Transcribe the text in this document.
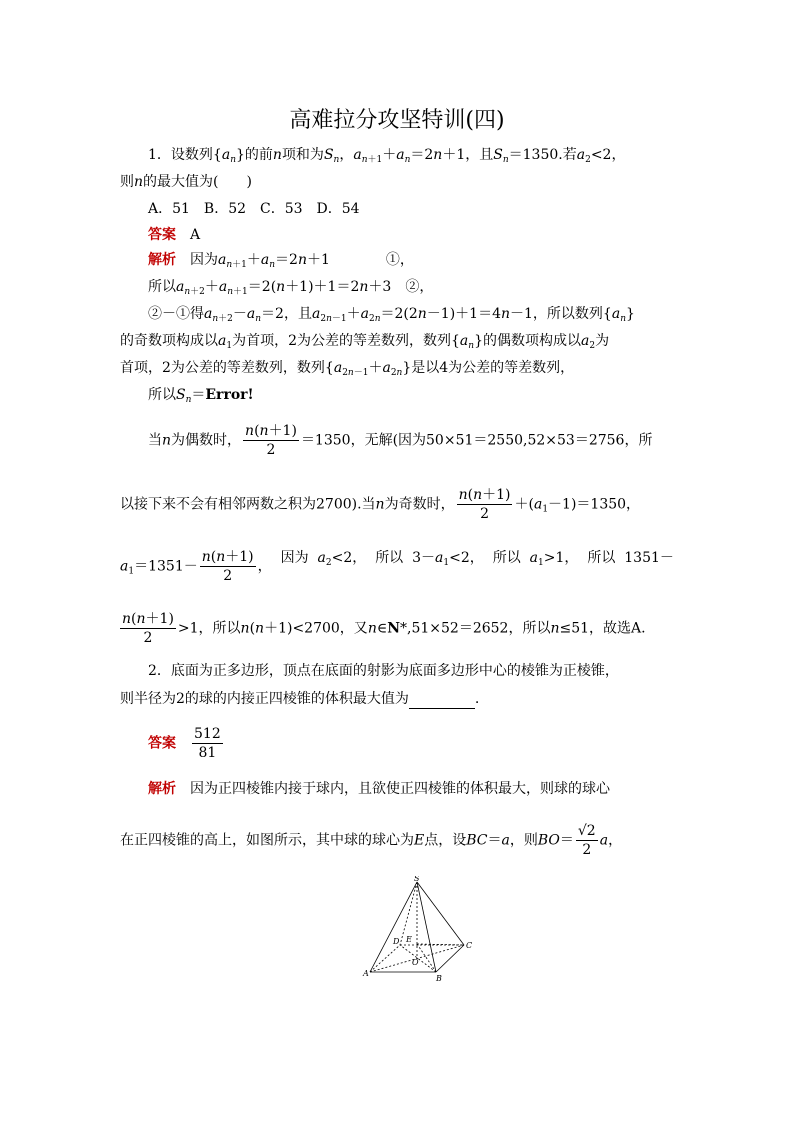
高难拉分攻坚特训(四)
1．设数列$\{a_n\}$的前n项和为$S_n$，$a_{n+1}+a_n=2n+1$，且$S_n=1350$.若$a_2<2$，
则n的最大值为(　　)
A．51　B．52　C．53　D．54
答案　 A
解析　因为$a_{n+1}+a_n=2n+1$　　　　①，
所以$a_{n+2}+a_{n+1}=2(n+1)+1=2n+3$　②，
②－①得$a_{n+2}-a_n=2$，且$a_{2n-1}+a_{2n}=2(2n-1)+1=4n-1$，所以数列$\{a_n\}$
的奇数项构成以$a_1$为首项，2为公差的等差数列，数列$\{a_n\}$的偶数项构成以$a_2$为
首项，2为公差的等差数列，数列$\{a_{2n-1}+a_{2n}\}$是以4为公差的等差数列，
所以$S_n=Error$!
当n为偶数时， $\frac{n(n+1)}{2} =1350$，无解(因为50×51＝2550,52×53＝2756，所
以接下来不会有相邻两数之积为2700).当n为奇数时， $\frac{n(n+1)}{2} +(a_1-1)=1350$，
$a_1=1351- \frac{n(n+1)}{2}$ ，
因为 $a_2<2$， 所以 $3-a_1<2$， 所以 $a_1>1$， 所以 1351－
$\frac{n(n+1)}{2} >1$，所以n(n＋1)<2700，又n∈N*,51×52＝2652，所以n≤51，故选A.
2．底面为正多边形，顶点在底面的射影为底面多边形中心的棱锥为正棱锥，
则半径为2的球的内接正四棱锥的体积最大值为	.
答案　 $\frac{512}{81}$
解析　 因为正四棱锥内接于球内，且欲使正四棱锥的体积最大，则球的球心
在正四棱锥的高上，如图所示，其中球的球心为E点，设BC＝a，则$BO= \frac{√2}{2}$ a，
S
D E
C
O
A
B
